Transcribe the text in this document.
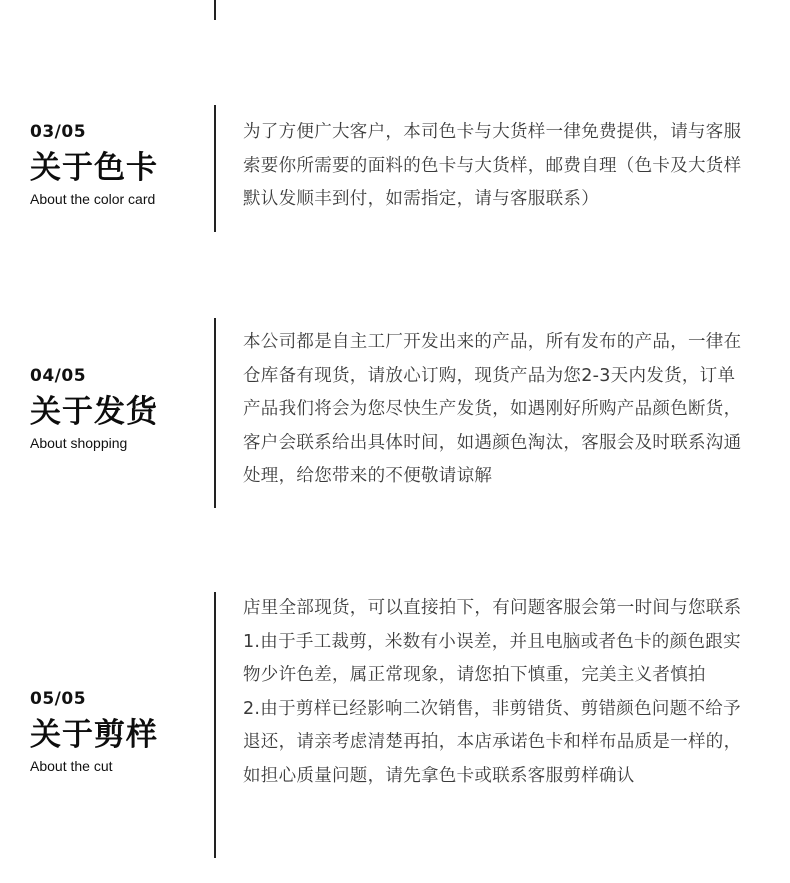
03/05
关于色卡
About the color card

为了方便广大客户，本司色卡与大货样一律免费提供，请与客服索要你所需要的面料的色卡与大货样，邮费自理（色卡及大货样默认发顺丰到付，如需指定，请与客服联系）

04/05
关于发货
About shopping

本公司都是自主工厂开发出来的产品，所有发布的产品，一律在仓库备有现货，请放心订购，现货产品为您2-3天内发货，订单产品我们将会为您尽快生产发货，如遇刚好所购产品颜色断货，客户会联系给出具体时间，如遇颜色淘汰，客服会及时联系沟通处理，给您带来的不便敬请谅解

05/05
关于剪样
About the cut

店里全部现货，可以直接拍下，有问题客服会第一时间与您联系

1.由于手工裁剪，米数有小误差，并且电脑或者色卡的颜色跟实物少许色差，属正常现象，请您拍下慎重，完美主义者慎拍

2.由于剪样已经影响二次销售，非剪错货、剪错颜色问题不给予退还，请亲考虑清楚再拍，本店承诺色卡和样布品质是一样的，如担心质量问题，请先拿色卡或联系客服剪样确认
